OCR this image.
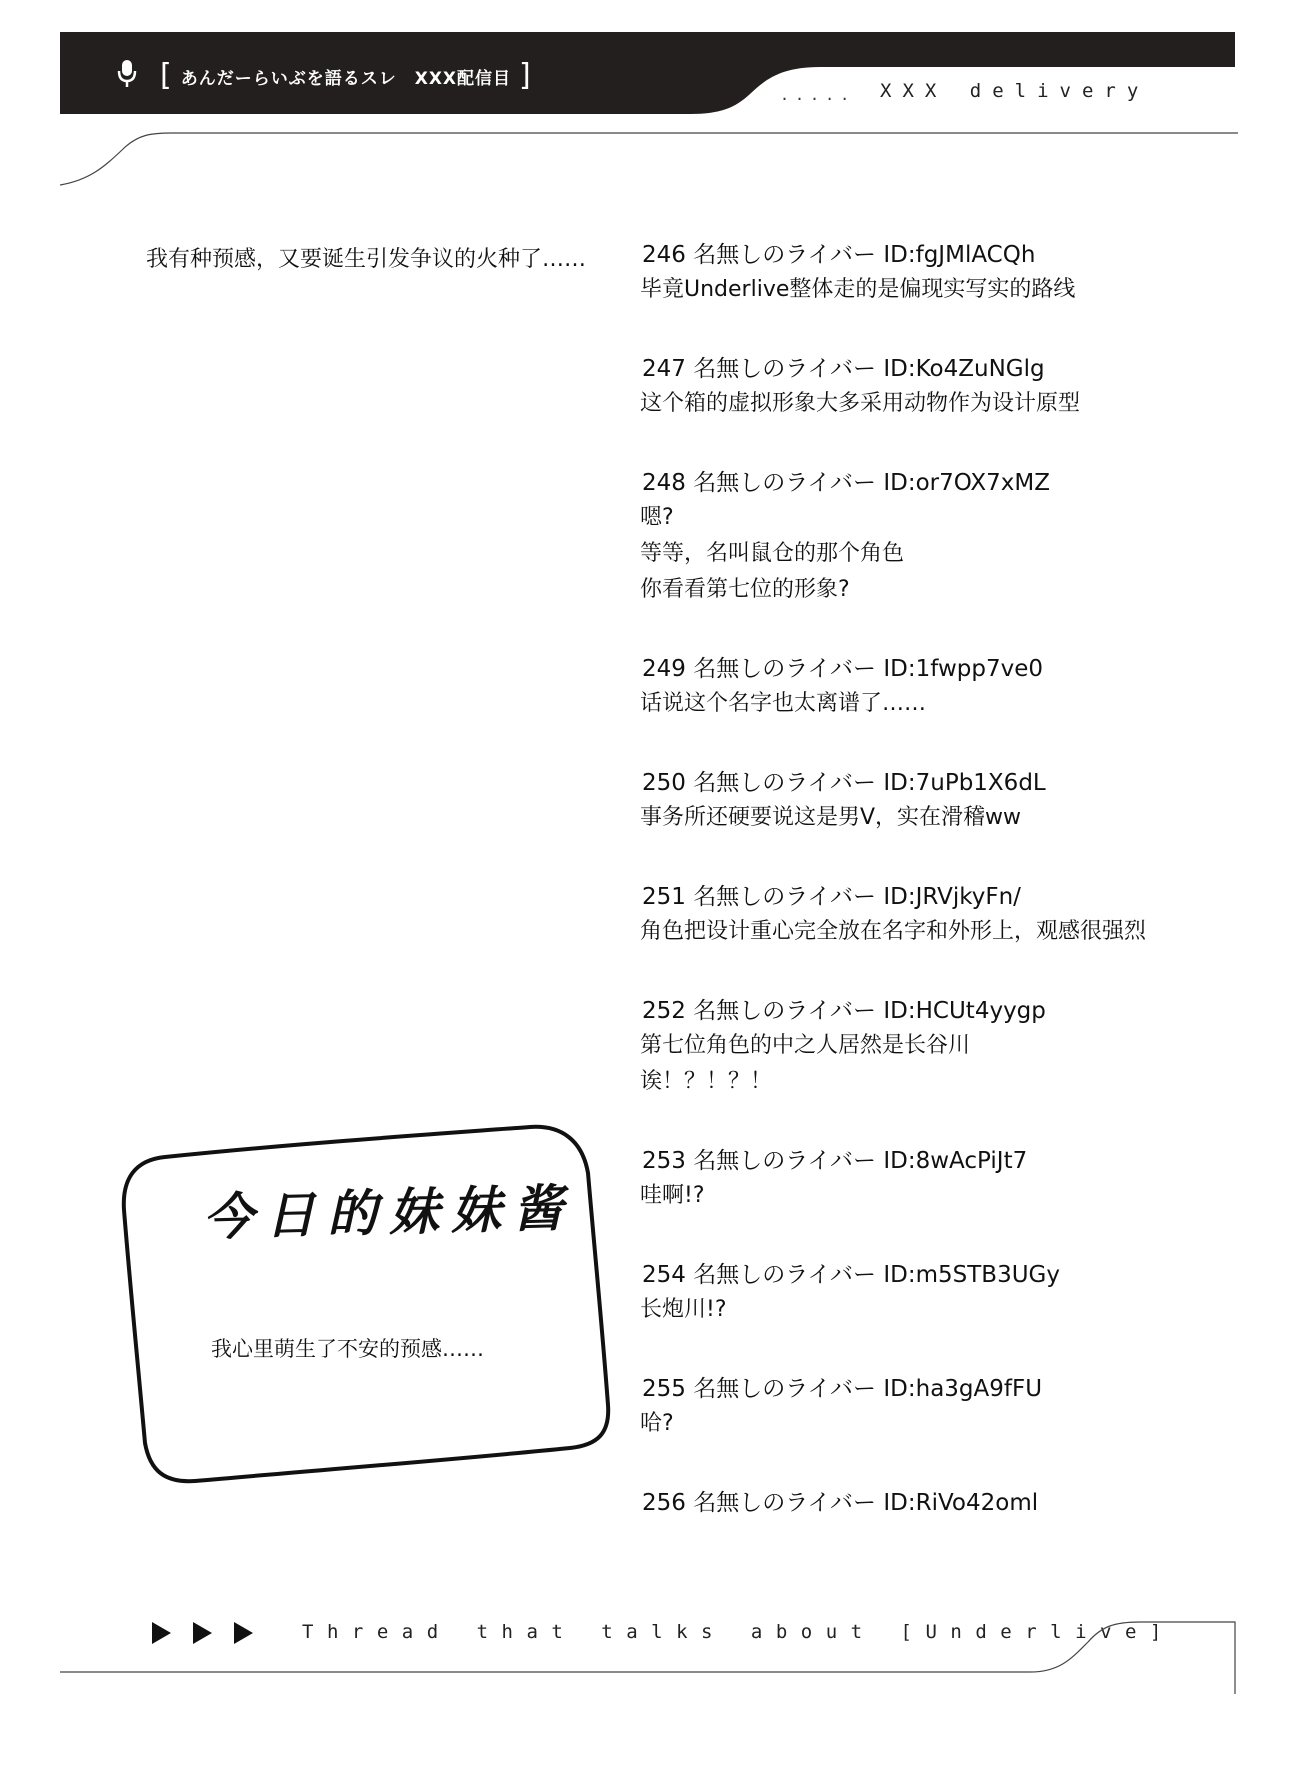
[ あんだーらいぶを語るスレ　XXX配信目 ]
..... XXX delivery
我有种预感，又要诞生引发争议的火种了…… 246 名無しのライバー ID:fgJMlACQh
毕竟Underlive整体走的是偏现实写实的路线
247 名無しのライバー ID:Ko4ZuNGlg
这个箱的虚拟形象大多采用动物作为设计原型
248 名無しのライバー ID:or7OX7xMZ
嗯?
等等，名叫鼠仓的那个角色
你看看第七位的形象?
249 名無しのライバー ID:1fwpp7ve0
话说这个名字也太离谱了……
250 名無しのライバー ID:7uPb1X6dL
事务所还硬要说这是男V，实在滑稽ww
251 名無しのライバー ID:JRVjkyFn/
角色把设计重心完全放在名字和外形上，观感很强烈
252 名無しのライバー ID:HCUt4yygp
第七位角色的中之人居然是长谷川
诶！？！？！
253 名無しのライバー ID:8wAcPiJt7
哇啊!?
254 名無しのライバー ID:m5STB3UGy
长炮川!?
255 名無しのライバー ID:ha3gA9fFU
哈?
256 名無しのライバー ID:RiVo42oml
今日的妹妹酱
我心里萌生了不安的预感……
Thread that talks about [Underlive]
